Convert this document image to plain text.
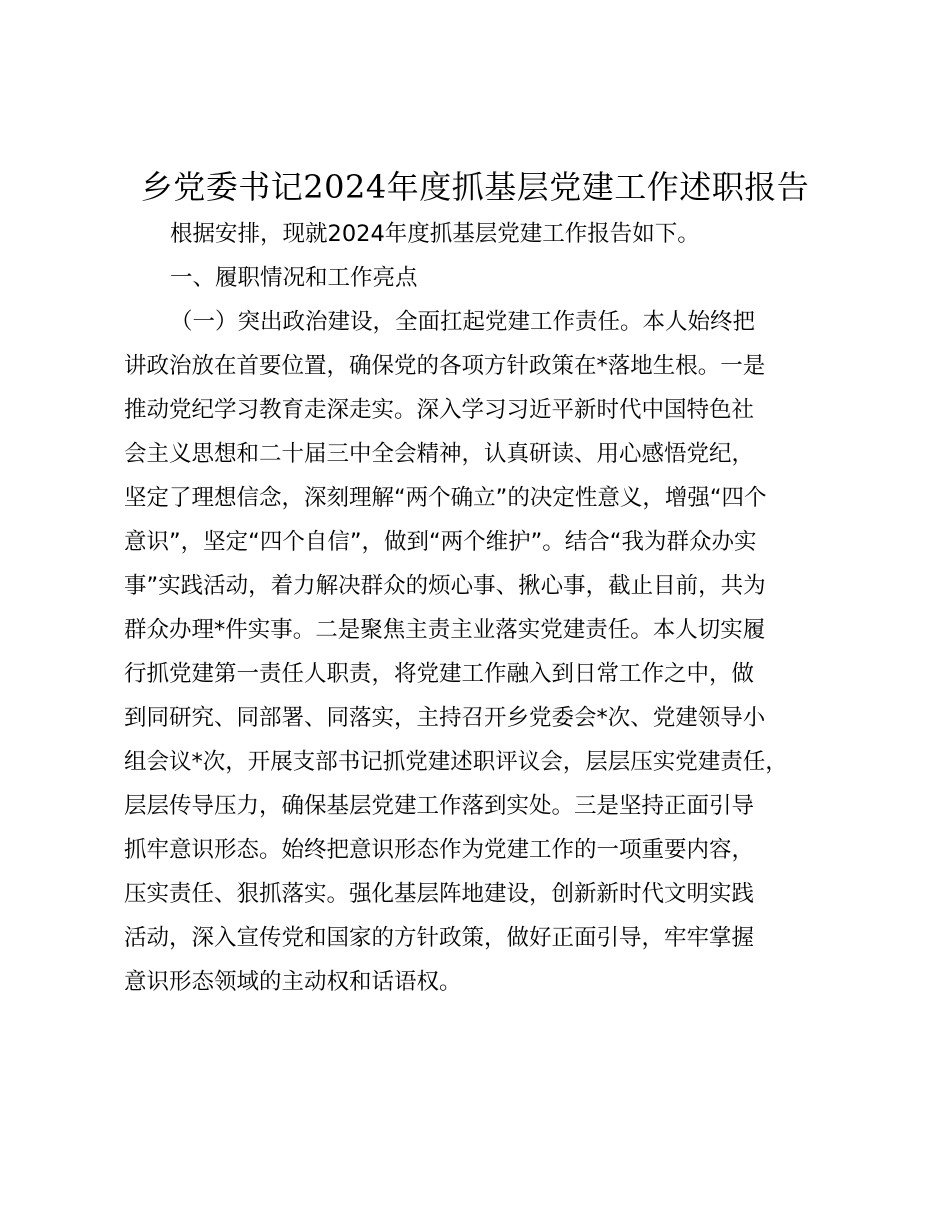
乡党委书记2024年度抓基层党建工作述职报告

根据安排，现就2024年度抓基层党建工作报告如下。

一、履职情况和工作亮点

（一）突出政治建设，全面扛起党建工作责任。本人始终把
讲政治放在首要位置，确保党的各项方针政策在*落地生根。一是
推动党纪学习教育走深走实。深入学习习近平新时代中国特色社
会主义思想和二十届三中全会精神，认真研读、用心感悟党纪，
坚定了理想信念，深刻理解“两个确立”的决定性意义，增强“四个
意识”，坚定“四个自信”，做到“两个维护”。结合“我为群众办实
事”实践活动，着力解决群众的烦心事、揪心事，截止目前，共为
群众办理*件实事。二是聚焦主责主业落实党建责任。本人切实履
行抓党建第一责任人职责，将党建工作融入到日常工作之中，做
到同研究、同部署、同落实，主持召开乡党委会*次、党建领导小
组会议*次，开展支部书记抓党建述职评议会，层层压实党建责任，
层层传导压力，确保基层党建工作落到实处。三是坚持正面引导
抓牢意识形态。始终把意识形态作为党建工作的一项重要内容，
压实责任、狠抓落实。强化基层阵地建设，创新新时代文明实践
活动，深入宣传党和国家的方针政策，做好正面引导，牢牢掌握
意识形态领域的主动权和话语权。
